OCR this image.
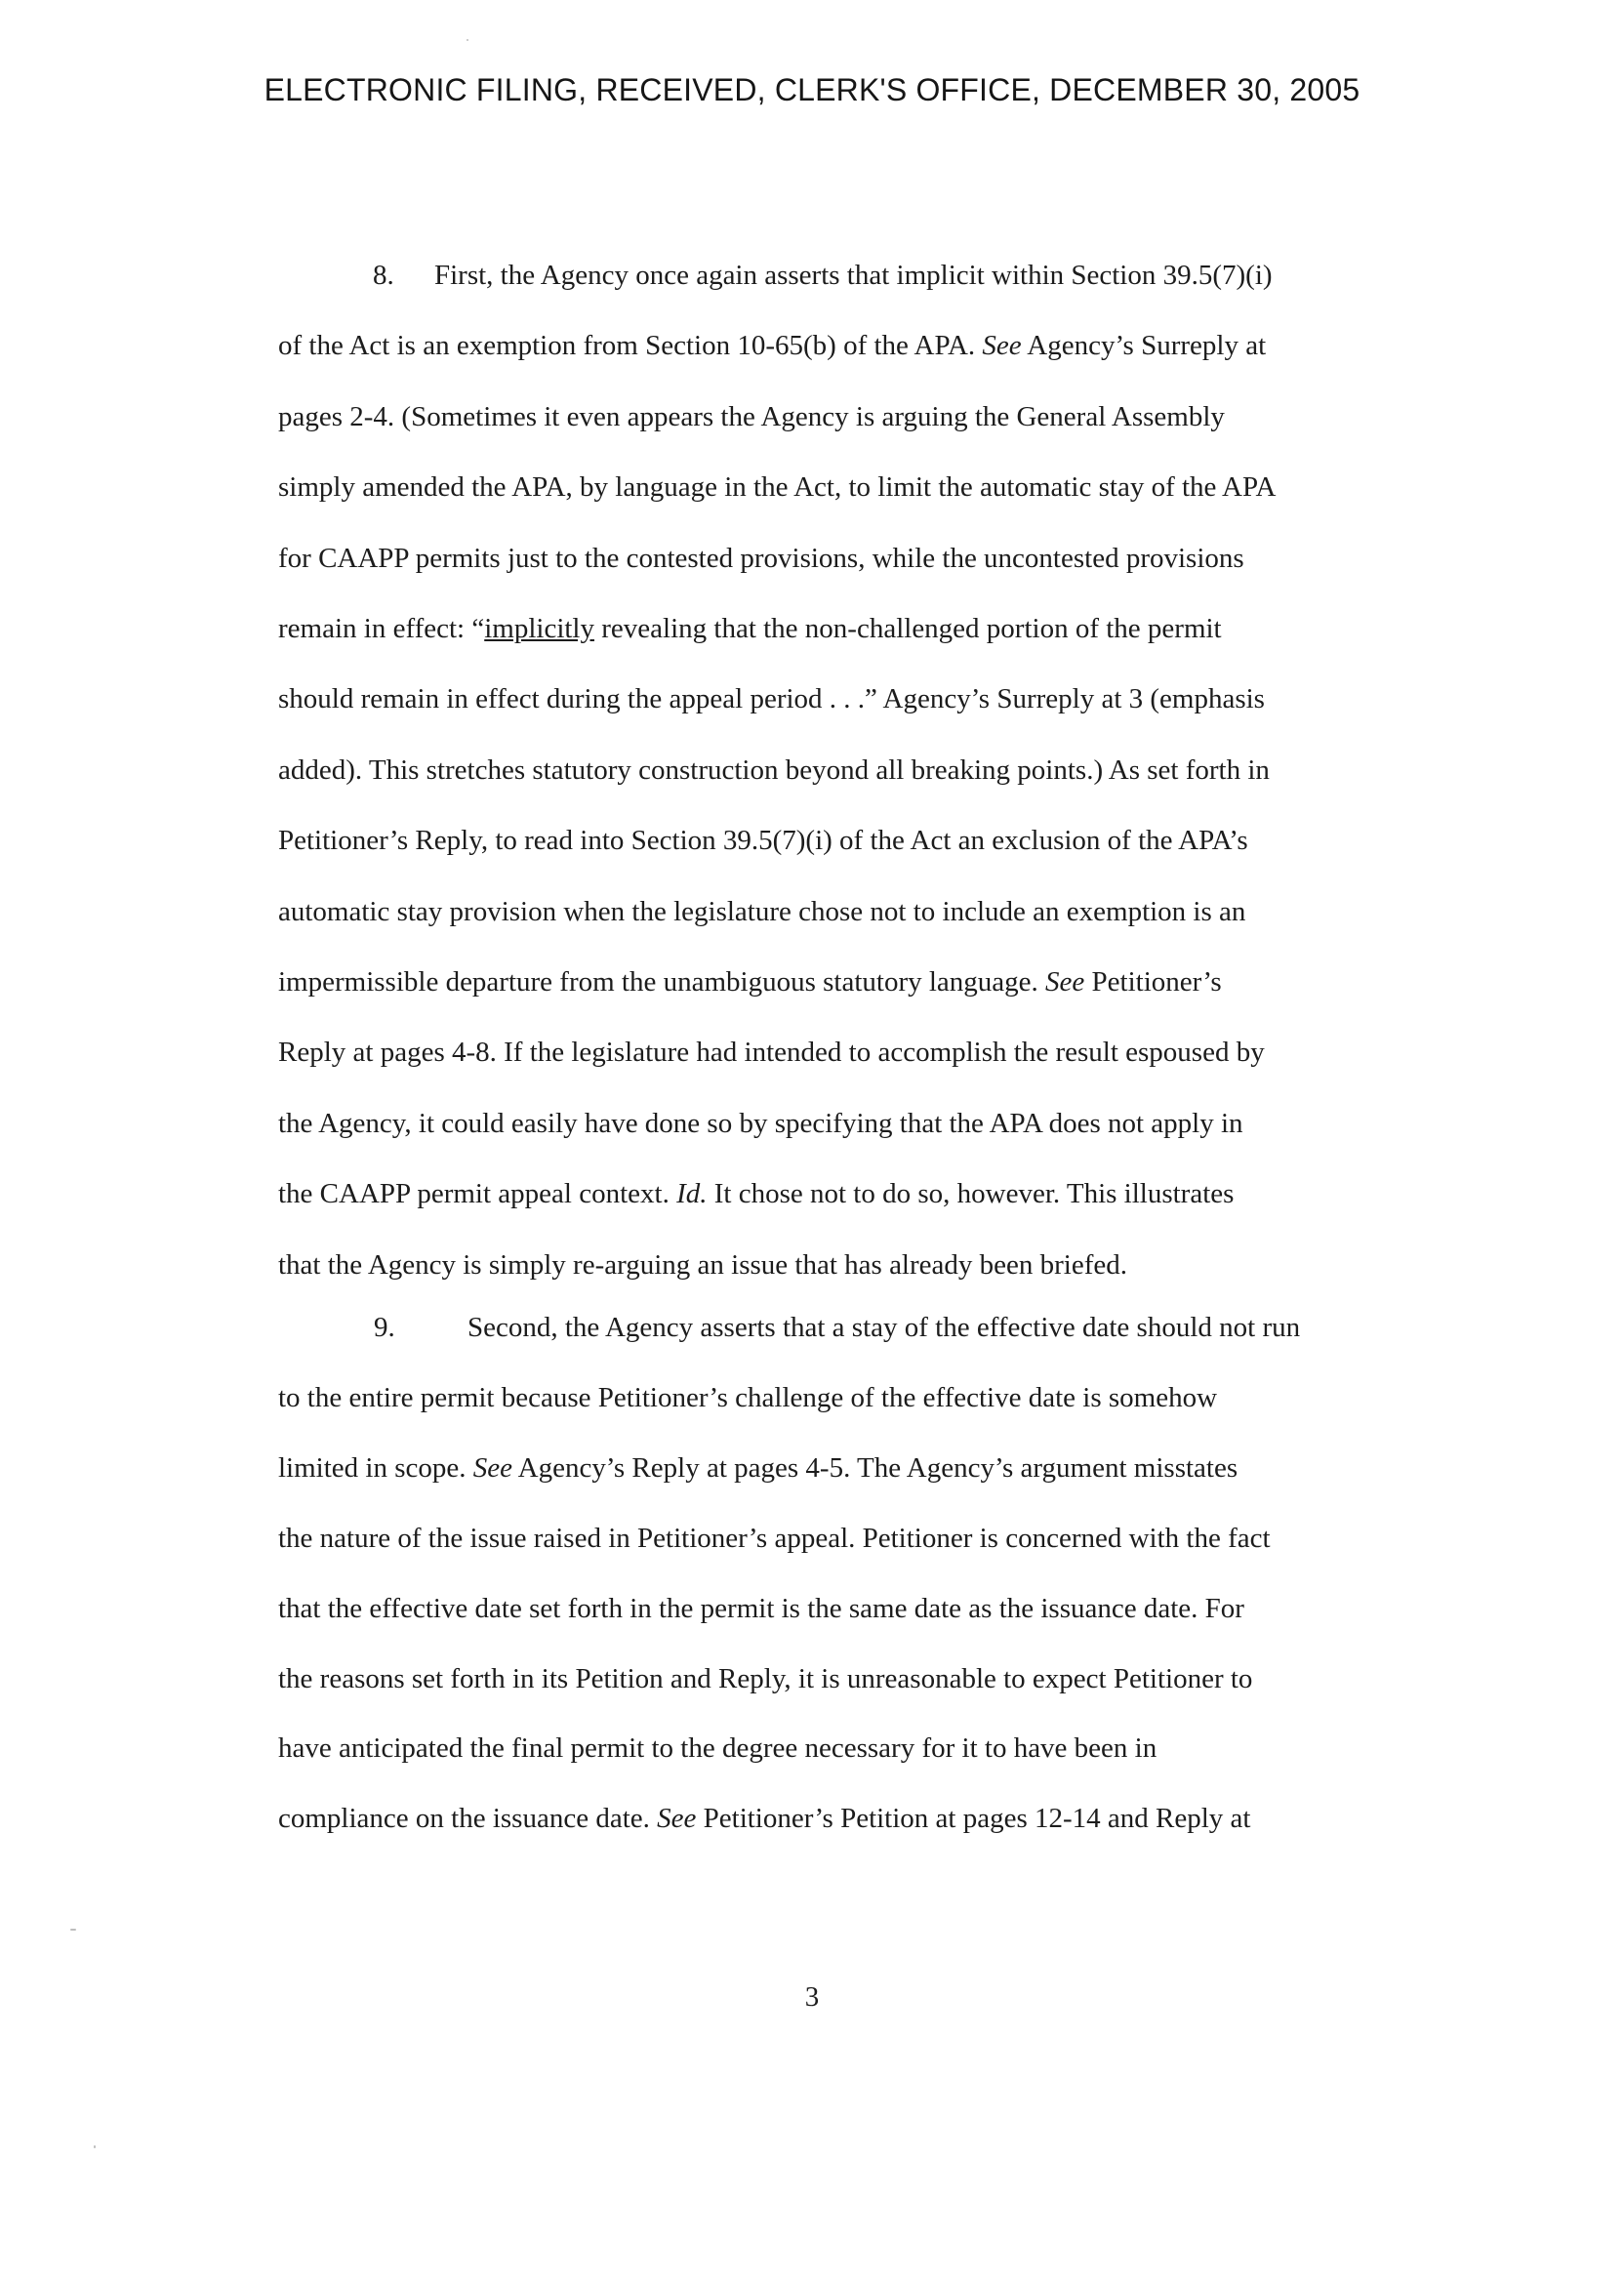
ELECTRONIC FILING, RECEIVED, CLERK'S OFFICE, DECEMBER 30, 2005
8. First, the Agency once again asserts that implicit within Section 39.5(7)(i)
of the Act is an exemption from Section 10-65(b) of the APA. See Agency’s Surreply at
pages 2-4. (Sometimes it even appears the Agency is arguing the General Assembly
simply amended the APA, by language in the Act, to limit the automatic stay of the APA
for CAAPP permits just to the contested provisions, while the uncontested provisions
remain in effect: “implicitly revealing that the non-challenged portion of the permit
should remain in effect during the appeal period . . .” Agency’s Surreply at 3 (emphasis
added). This stretches statutory construction beyond all breaking points.) As set forth in
Petitioner’s Reply, to read into Section 39.5(7)(i) of the Act an exclusion of the APA’s
automatic stay provision when the legislature chose not to include an exemption is an
impermissible departure from the unambiguous statutory language. See Petitioner’s
Reply at pages 4-8. If the legislature had intended to accomplish the result espoused by
the Agency, it could easily have done so by specifying that the APA does not apply in
the CAAPP permit appeal context. Id. It chose not to do so, however. This illustrates
that the Agency is simply re-arguing an issue that has already been briefed.
9.	Second, the Agency asserts that a stay of the effective date should not run
to the entire permit because Petitioner’s challenge of the effective date is somehow
limited in scope. See Agency’s Reply at pages 4-5. The Agency’s argument misstates
the nature of the issue raised in Petitioner’s appeal. Petitioner is concerned with the fact
that the effective date set forth in the permit is the same date as the issuance date. For
the reasons set forth in its Petition and Reply, it is unreasonable to expect Petitioner to
have anticipated the final permit to the degree necessary for it to have been in
compliance on the issuance date. See Petitioner’s Petition at pages 12-14 and Reply at
3
